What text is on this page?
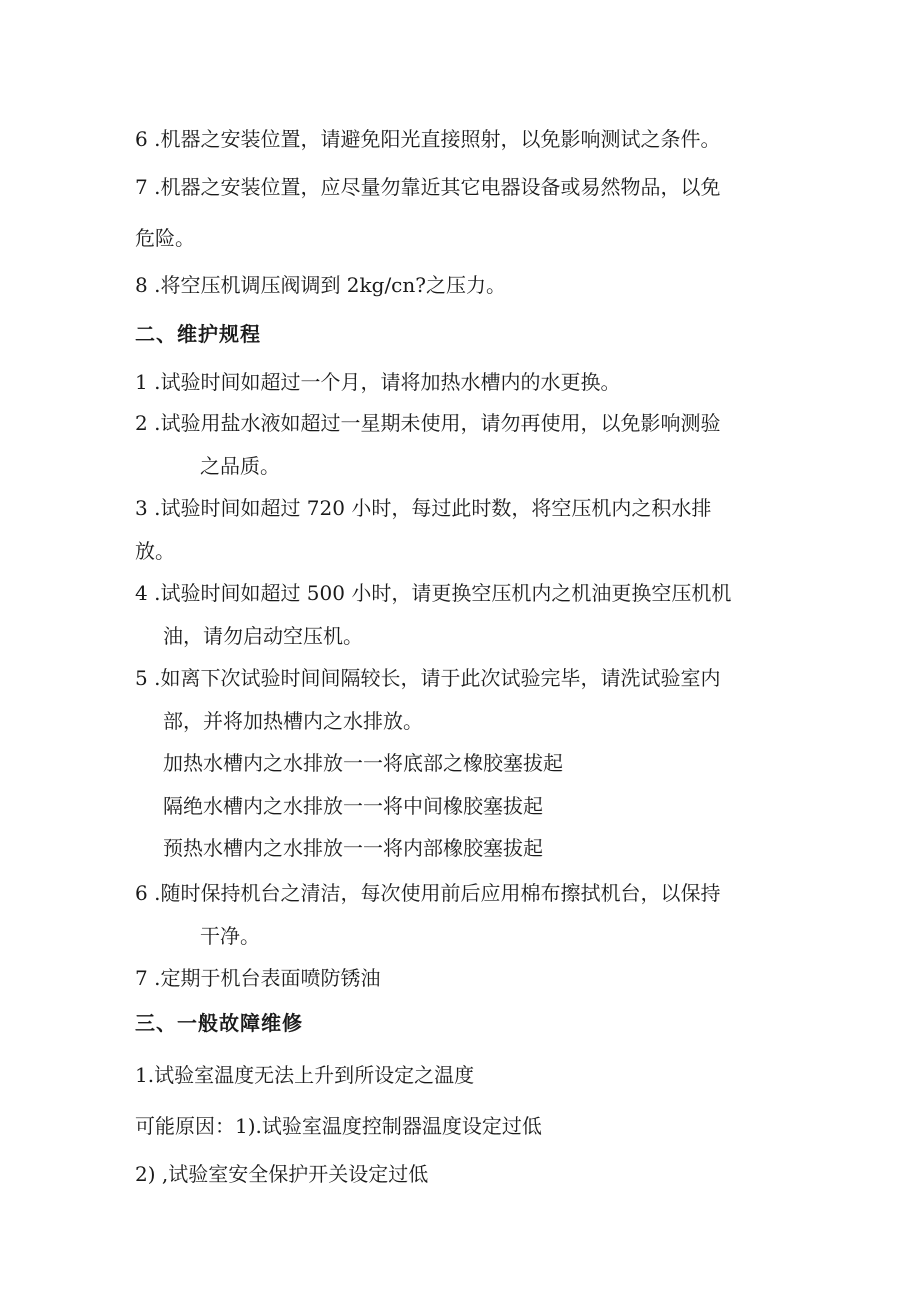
6 .机器之安装位置，请避免阳光直接照射，以免影响测试之条件。
7 .机器之安装位置，应尽量勿靠近其它电器设备或易然物品，以免
危险。
8 .将空压机调压阀调到 2kg/cn?之压力。
二、维护规程
1 .试验时间如超过一个月，请将加热水槽内的水更换。
2 .试验用盐水液如超过一星期未使用，请勿再使用，以免影响测验
之品质。
3 .试验时间如超过 720 小时，每过此时数，将空压机内之积水排
放。
4 .试验时间如超过 500 小时，请更换空压机内之机油更换空压机机
油，请勿启动空压机。
5 .如离下次试验时间间隔较长，请于此次试验完毕，请洗试验室内
部，并将加热槽内之水排放。
加热水槽内之水排放一一将底部之橡胶塞拔起
隔绝水槽内之水排放一一将中间橡胶塞拔起
预热水槽内之水排放一一将内部橡胶塞拔起
6 .随时保持机台之清洁，每次使用前后应用棉布擦拭机台，以保持
干净。
7 .定期于机台表面喷防锈油
三、一般故障维修
1.试验室温度无法上升到所设定之温度
可能原因：1).试验室温度控制器温度设定过低
2) ,试验室安全保护开关设定过低
